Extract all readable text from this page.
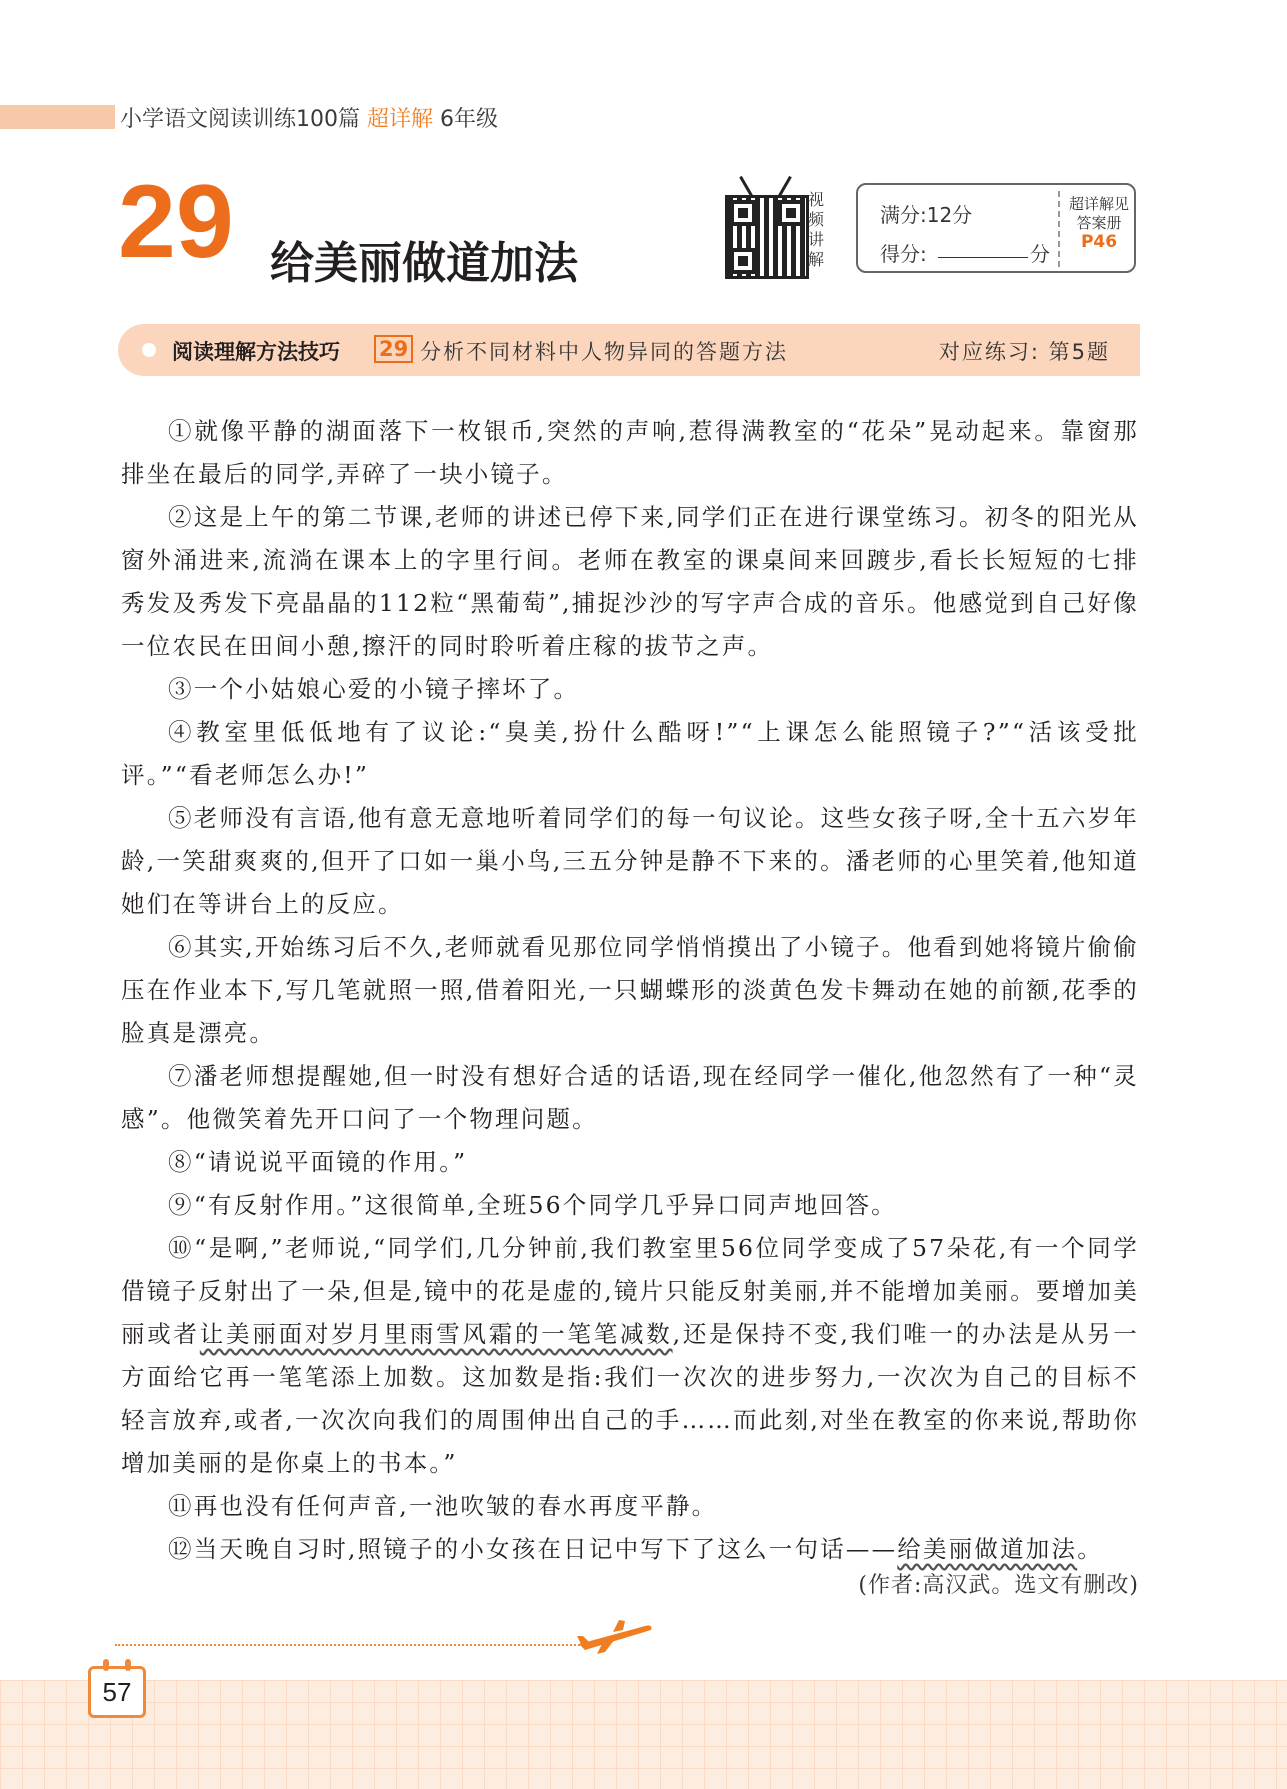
小学语文阅读训练100篇 超详解 6年级
29 给美丽做道加法
视
频
讲
解
满分:12分
得分:	分
超详解见
答案册
P46
阅读理解方法技巧 29 分析不同材料中人物异同的答题方法	对应练习: 第5题

①就像平静的湖面落下一枚银币,突然的声响,惹得满教室的“花朵”晃动起来。靠窗那排坐在最后的同学,弄碎了一块小镜子。

②这是上午的第二节课,老师的讲述已停下来,同学们正在进行课堂练习。初冬的阳光从窗外涌进来,流淌在课本上的字里行间。老师在教室的课桌间来回踱步,看长长短短的七排秀发及秀发下亮晶晶的112粒“黑葡萄”,捕捉沙沙的写字声合成的音乐。他感觉到自己好像一位农民在田间小憩,擦汗的同时聆听着庄稼的拔节之声。

③一个小姑娘心爱的小镜子摔坏了。

④教室里低低地有了议论:“臭美,扮什么酷呀!”“上课怎么能照镜子?”“活该受批评。”“看老师怎么办!”

⑤老师没有言语,他有意无意地听着同学们的每一句议论。这些女孩子呀,全十五六岁年龄,一笑甜爽爽的,但开了口如一巢小鸟,三五分钟是静不下来的。潘老师的心里笑着,他知道她们在等讲台上的反应。

⑥其实,开始练习后不久,老师就看见那位同学悄悄摸出了小镜子。他看到她将镜片偷偷压在作业本下,写几笔就照一照,借着阳光,一只蝴蝶形的淡黄色发卡舞动在她的前额,花季的脸真是漂亮。

⑦潘老师想提醒她,但一时没有想好合适的话语,现在经同学一催化,他忽然有了一种“灵感”。他微笑着先开口问了一个物理问题。

⑧“请说说平面镜的作用。”

⑨“有反射作用。”这很简单,全班56个同学几乎异口同声地回答。

⑩“是啊,”老师说,“同学们,几分钟前,我们教室里56位同学变成了57朵花,有一个同学借镜子反射出了一朵,但是,镜中的花是虚的,镜片只能反射美丽,并不能增加美丽。要增加美丽或者让美丽面对岁月里雨雪风霜的一笔笔减数,还是保持不变,我们唯一的办法是从另一方面给它再一笔笔添上加数。这加数是指:我们一次次的进步努力,一次次为自己的目标不轻言放弃,或者,一次次向我们的周围伸出自己的手……而此刻,对坐在教室的你来说,帮助你增加美丽的是你桌上的书本。”

⑪再也没有任何声音,一池吹皱的春水再度平静。

⑫当天晚自习时,照镜子的小女孩在日记中写下了这么一句话——给美丽做道加法。

(作者:高汉武。选文有删改)
57
